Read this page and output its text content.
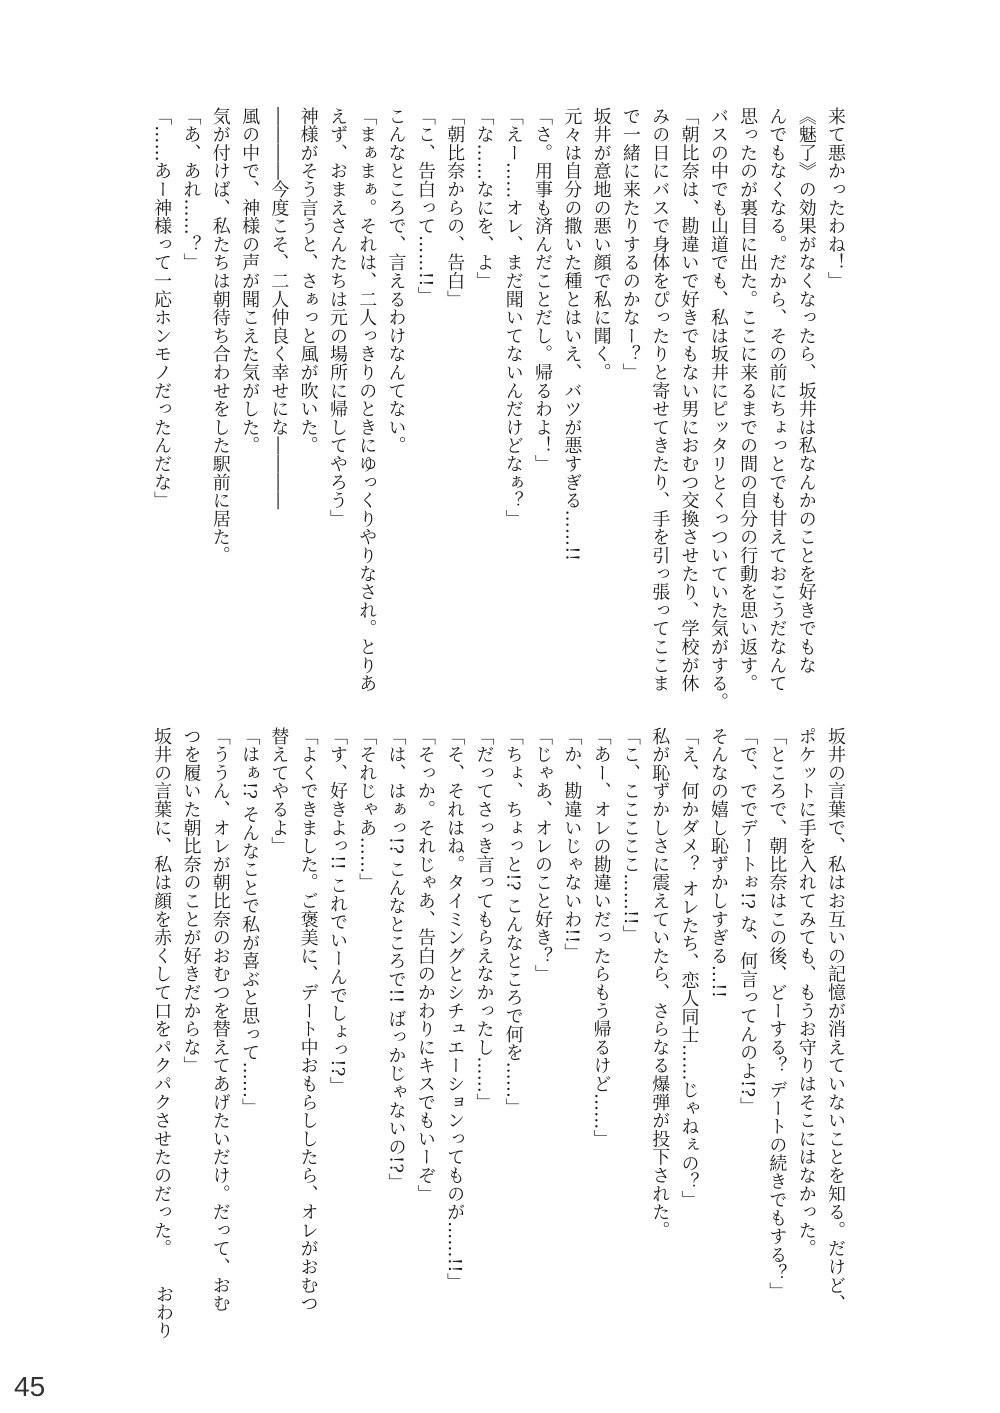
来て悪かったわね！」
《魅了》の効果がなくなったら、坂井は私なんかのことを好きでもな
んでもなくなる。だから、その前にちょっとでも甘えておこうだなんて
思ったのが裏目に出た。ここに来るまでの間の自分の行動を思い返す。
バスの中でも山道でも、私は坂井にピッタリとくっついていた気がする。
「朝比奈は、勘違いで好きでもない男におむつ交換させたり、学校が休
みの日にバスで身体をぴったりと寄せてきたり、手を引っ張ってここま
で一緒に来たりするのかなー？」
坂井が意地の悪い顔で私に聞く。
元々は自分の撒いた種とはいえ、バツが悪すぎる……!!
「さ。用事も済んだことだし。帰るわよ！」
「えー……オレ、まだ聞いてないんだけどなぁ？」
「な……なにを、よ」
「朝比奈からの、告白」
「こ、告白って……!!」
こんなところで、言えるわけなんてない。
「まぁまぁ。それは、二人っきりのときにゆっくりやりなされ。とりあ
えず、おまえさんたちは元の場所に帰してやろう」
神様がそう言うと、さぁっと風が吹いた。
――――今度こそ、二人仲良く幸せにな――――
風の中で、神様の声が聞こえた気がした。
気が付けば、私たちは朝待ち合わせをした駅前に居た。
「あ、あれ……？」
「……あー神様って一応ホンモノだったんだな」
坂井の言葉で、私はお互いの記憶が消えていないことを知る。だけど、
ポケットに手を入れてみても、もうお守りはそこにはなかった。
「ところで、朝比奈はこの後、どーする？ デートの続きでもする？」
「で、ででデートぉ!? な、何言ってんのよ!?」
そんなの嬉し恥ずかしすぎる…!!
「え、何かダメ？ オレたち、恋人同士……じゃねぇの？」
私が恥ずかしさに震えていたら、さらなる爆弾が投下された。
「こ、こここここ……!!」
「あー、オレの勘違いだったらもう帰るけど……」
「か、勘違いじゃないわ!!」
「じゃあ、オレのこと好き？」
「ちょ、ちょっと!? こんなところで何を……」
「だってさっき言ってもらえなかったし……」
「そ、それはね。タイミングとシチュエーションってものが……!!」
「そっか。それじゃあ、告白のかわりにキスでもいーぞ」
「は、はぁっ!? こんなところで!! ばっかじゃないの!?」
「それじゃあ……」
「す、好きよっ!! これでいーんでしょっ!?」
「よくできました。ご褒美に、デート中おもらししたら、オレがおむつ
替えてやるよ」
「はぁ!? そんなことで私が喜ぶと思って……」
「ううん、オレが朝比奈のおむつを替えてあげたいだけ。だって、おむ
つを履いた朝比奈のことが好きだからな」
坂井の言葉に、私は顔を赤くして口をパクパクさせたのだった。
おわり
45
